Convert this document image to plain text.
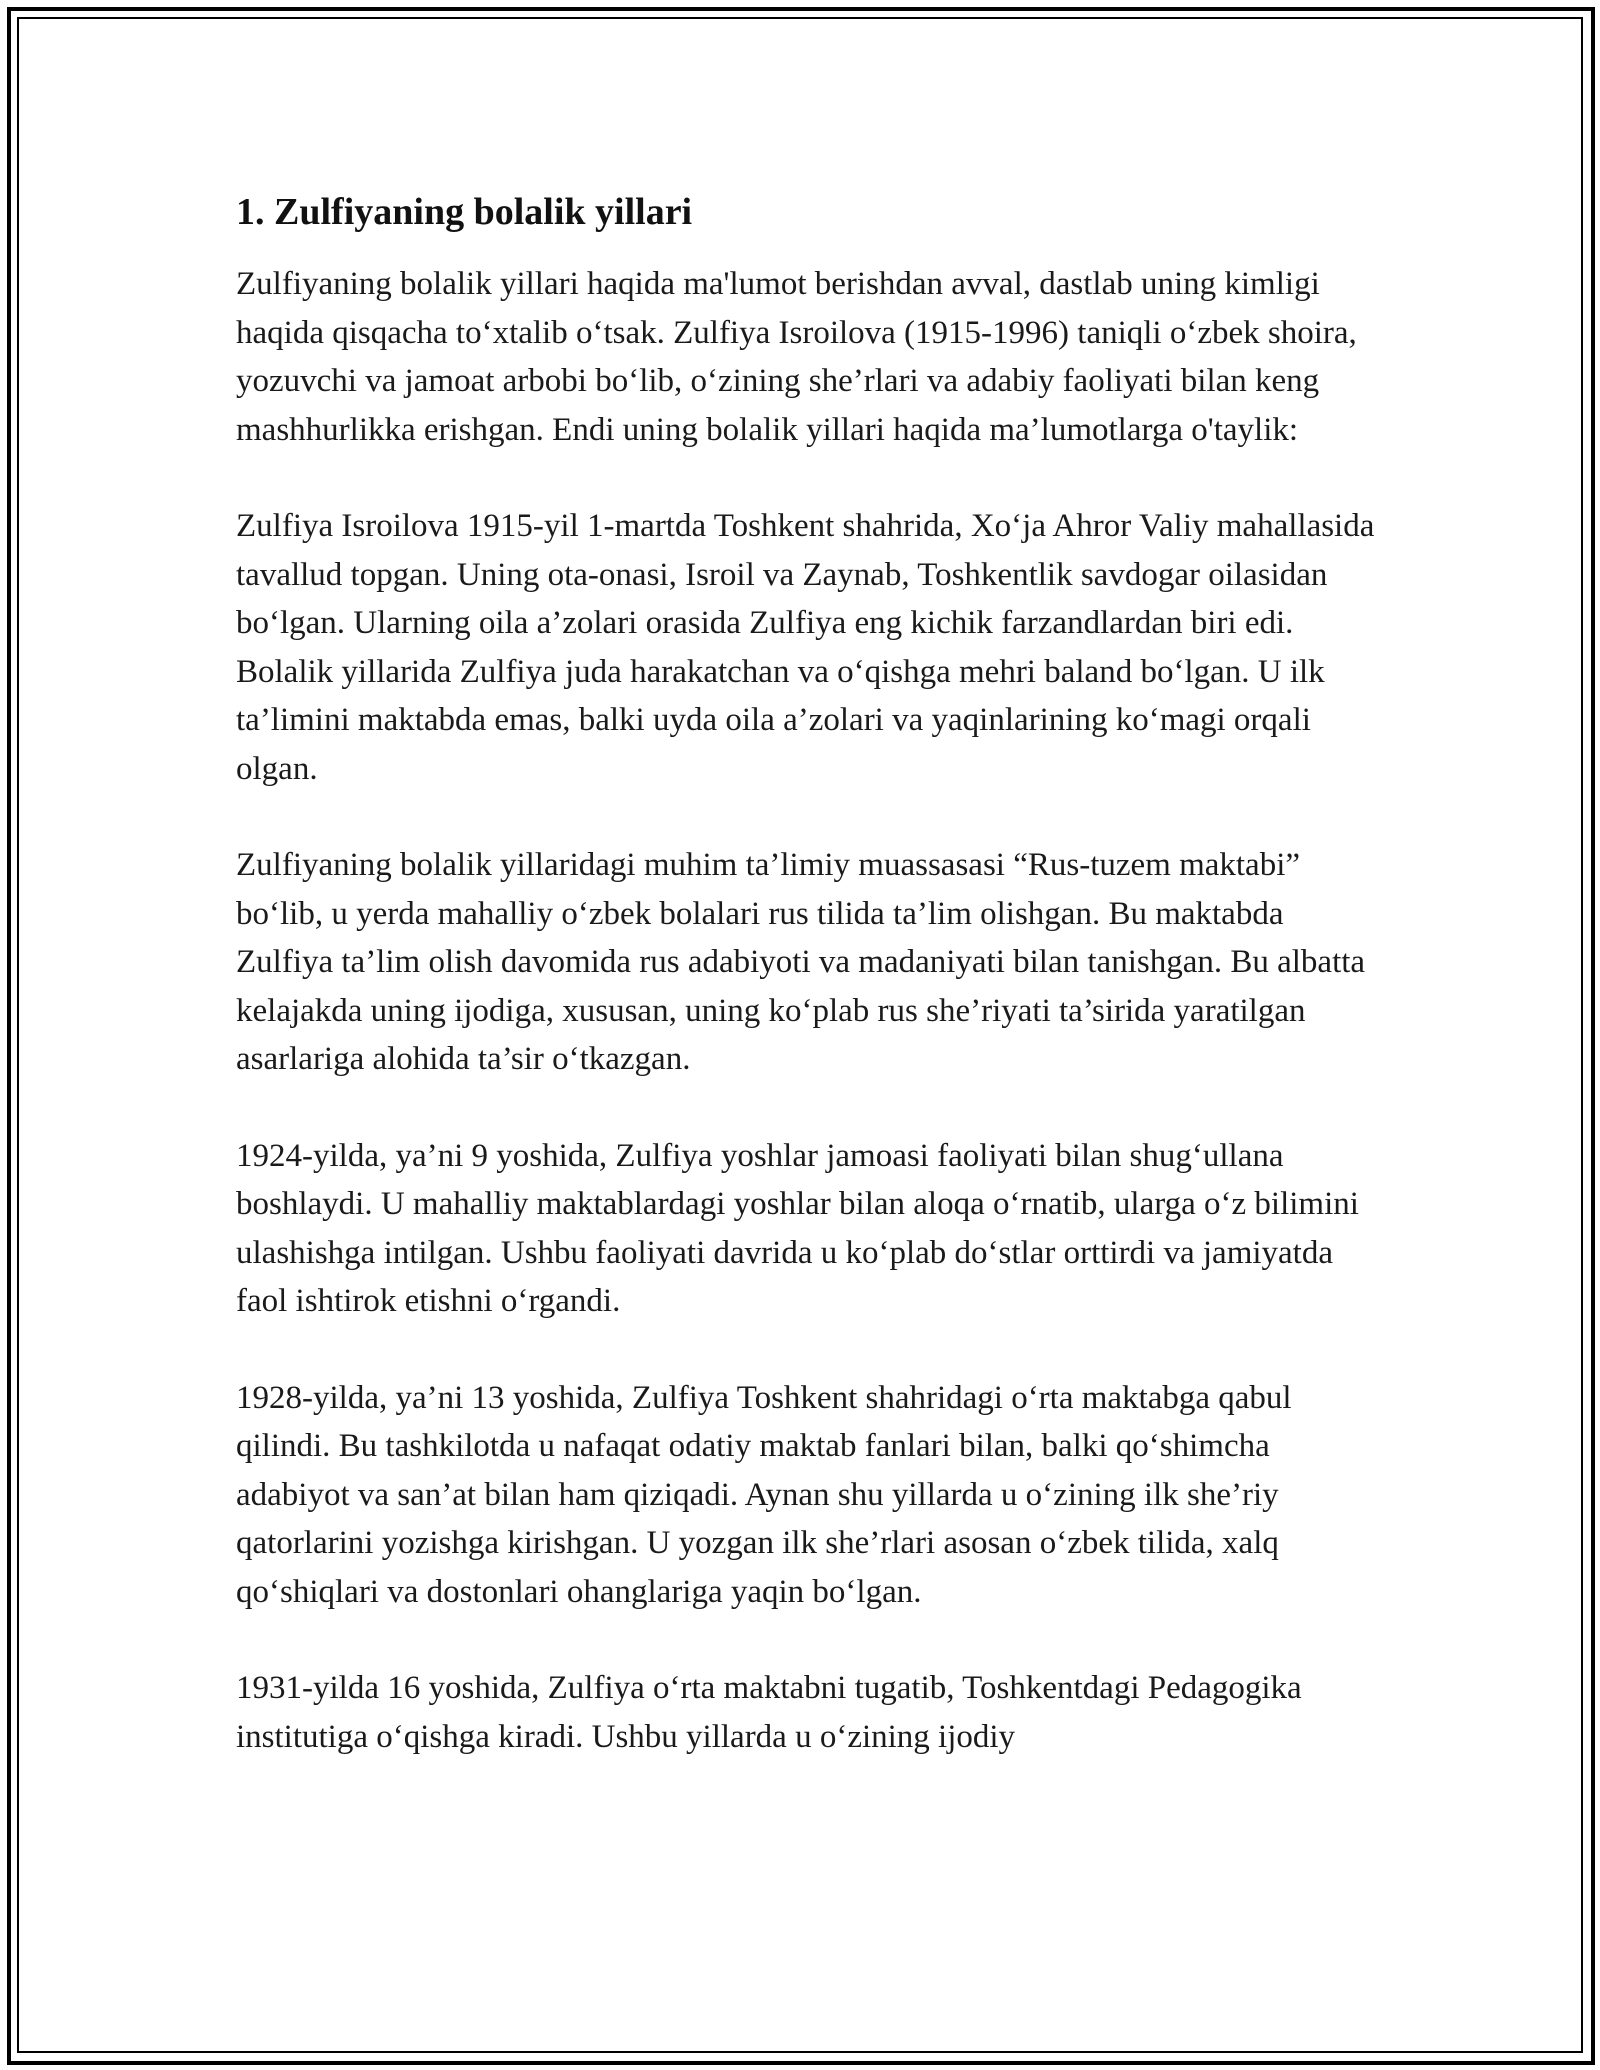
1. Zulfiyaning bolalik yillari

Zulfiyaning bolalik yillari haqida ma'lumot berishdan avval, dastlab uning kimligi haqida qisqacha to‘xtalib o‘tsak. Zulfiya Isroilova (1915-1996) taniqli o‘zbek shoira, yozuvchi va jamoat arbobi bo‘lib, o‘zining she’rlari va adabiy faoliyati bilan keng mashhurlikka erishgan. Endi uning bolalik yillari haqida ma’lumotlarga o'taylik:

Zulfiya Isroilova 1915-yil 1-martda Toshkent shahrida, Xo‘ja Ahror Valiy mahallasida tavallud topgan. Uning ota-onasi, Isroil va Zaynab, Toshkentlik savdogar oilasidan bo‘lgan. Ularning oila a’zolari orasida Zulfiya eng kichik farzandlardan biri edi. Bolalik yillarida Zulfiya juda harakatchan va o‘qishga mehri baland bo‘lgan. U ilk ta’limini maktabda emas, balki uyda oila a’zolari va yaqinlarining ko‘magi orqali olgan.

Zulfiyaning bolalik yillaridagi muhim ta’limiy muassasasi “Rus-tuzem maktabi” bo‘lib, u yerda mahalliy o‘zbek bolalari rus tilida ta’lim olishgan. Bu maktabda Zulfiya ta’lim olish davomida rus adabiyoti va madaniyati bilan tanishgan. Bu albatta kelajakda uning ijodiga, xususan, uning ko‘plab rus she’riyati ta’sirida yaratilgan asarlariga alohida ta’sir o‘tkazgan.

1924-yilda, ya’ni 9 yoshida, Zulfiya yoshlar jamoasi faoliyati bilan shug‘ullana boshlaydi. U mahalliy maktablardagi yoshlar bilan aloqa o‘rnatib, ularga o‘z bilimini ulashishga intilgan. Ushbu faoliyati davrida u ko‘plab do‘stlar orttirdi va jamiyatda faol ishtirok etishni o‘rgandi.

1928-yilda, ya’ni 13 yoshida, Zulfiya Toshkent shahridagi o‘rta maktabga qabul qilindi. Bu tashkilotda u nafaqat odatiy maktab fanlari bilan, balki qo‘shimcha adabiyot va san’at bilan ham qiziqadi. Aynan shu yillarda u o‘zining ilk she’riy qatorlarini yozishga kirishgan. U yozgan ilk she’rlari asosan o‘zbek tilida, xalq qo‘shiqlari va dostonlari ohanglariga yaqin bo‘lgan.

1931-yilda 16 yoshida, Zulfiya o‘rta maktabni tugatib, Toshkentdagi Pedagogika institutiga o‘qishga kiradi. Ushbu yillarda u o‘zining ijodiy
